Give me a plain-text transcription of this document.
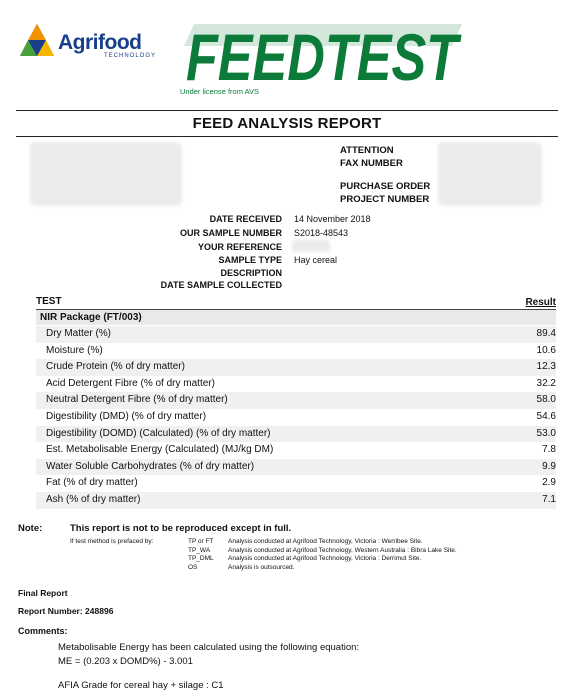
Agrifood
TECHNOLOGY FEEDTEST
Under license from AVS
FEED ANALYSIS REPORT
ATTENTION
FAX NUMBER
PURCHASE ORDER
PROJECT NUMBER
DATE RECEIVED 14 November 2018
OUR SAMPLE NUMBER S2018-48543
YOUR REFERENCE
SAMPLE TYPE Hay cereal
DESCRIPTION
DATE SAMPLE COLLECTED
TEST	Result
NIR Package (FT/003)
Dry Matter (%)	89.4
Moisture (%)	10.6
Crude Protein (% of dry matter)	12.3
Acid Detergent Fibre (% of dry matter)	32.2
Neutral Detergent Fibre (% of dry matter)	58.0
Digestibility (DMD) (% of dry matter)	54.6
Digestibility (DOMD) (Calculated) (% of dry matter)	53.0
Est. Metabolisable Energy (Calculated) (MJ/kg DM)	7.8
Water Soluble Carbohydrates (% of dry matter)	9.9
Fat (% of dry matter)	2.9
Ash (% of dry matter)	7.1
Note:	This report is not to be reproduced except in full.
If test method is prefaced by:	TP or FT Analysis conducted at Agrifood Technology, Victoria : Werribee Site.
TP_WA	Analysis conducted at Agrifood Technology, Western Australia : Bibra Lake Site.
TP_DML Analysis conducted at Agrifood Technology, Victoria : Derrimut Site.
OS	Analysis is outsourced.
Final Report
Report Number: 248896
Comments:
Metabolisable Energy has been calculated using the following equation:
ME = (0.203 x DOMD%) - 3.001
AFIA Grade for cereal hay + silage : C1
